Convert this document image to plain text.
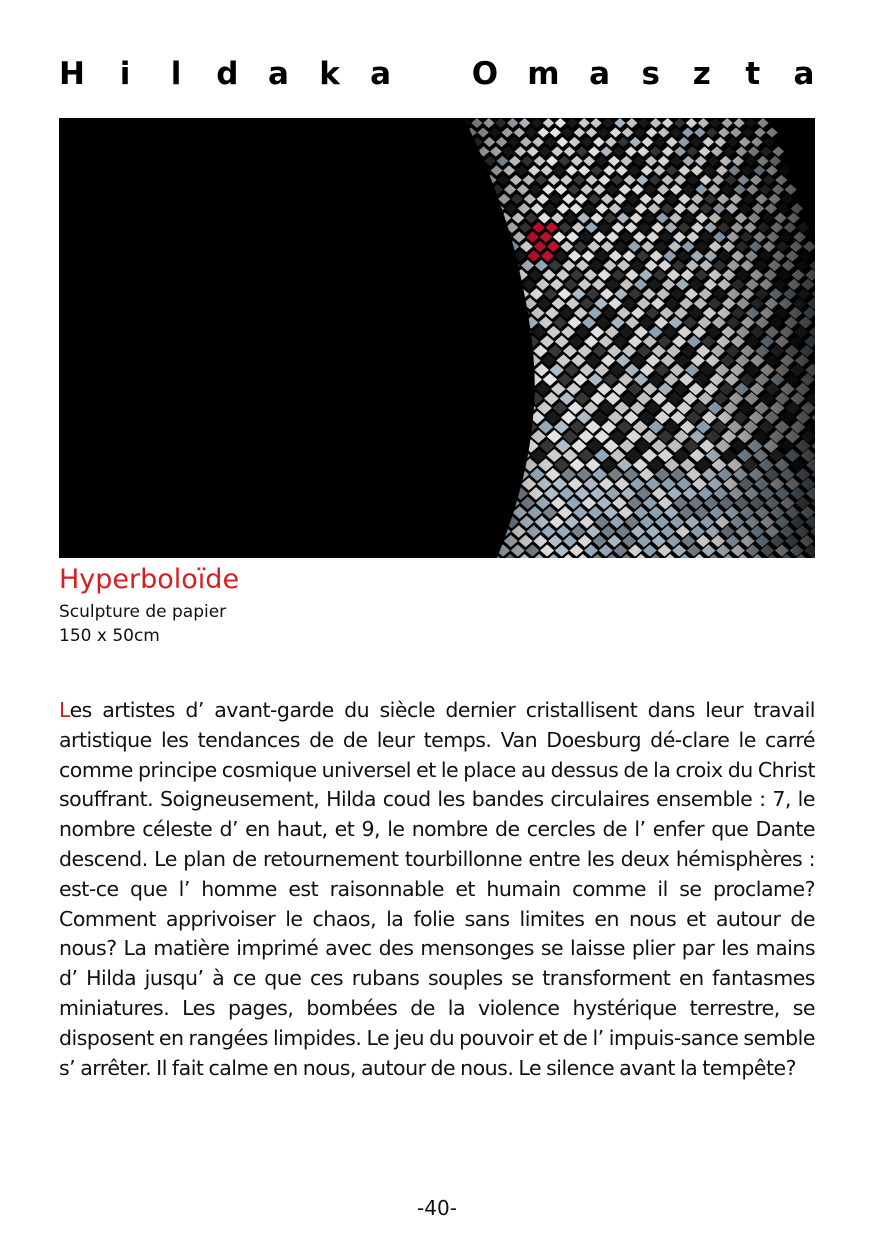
H i l d a k a
	O m a s z t a
Hyperboloïde
Sculpture de papier
150 x 50cm
Les artistes d’ avant-garde du siècle dernier cristallisent dans leur travail artistique les tendances de de leur temps. Van Doesburg dé-clare le carré comme principe cosmique universel et le place au dessus de la croix du Christ souffrant. Soigneusement, Hilda coud les bandes circulaires ensemble : 7, le nombre céleste d’ en haut, et 9, le nombre de cercles de l’ enfer que Dante descend. Le plan de retournement tourbillonne entre les deux hémisphères : est-ce que l’ homme est raisonnable et humain comme il se proclame? Comment apprivoiser le chaos, la folie sans limites en nous et autour de nous? La matière imprimé avec des mensonges se laisse plier par les mains d’ Hilda jusqu’ à ce que ces rubans souples se transforment en fantasmes miniatures. Les pages, bombées de la violence hystérique terrestre, se disposent en rangées limpides. Le jeu du pouvoir et de l’ impuis-sance semble s’ arrêter. Il fait calme en nous, autour de nous. Le silence avant la tempête?
-40-
